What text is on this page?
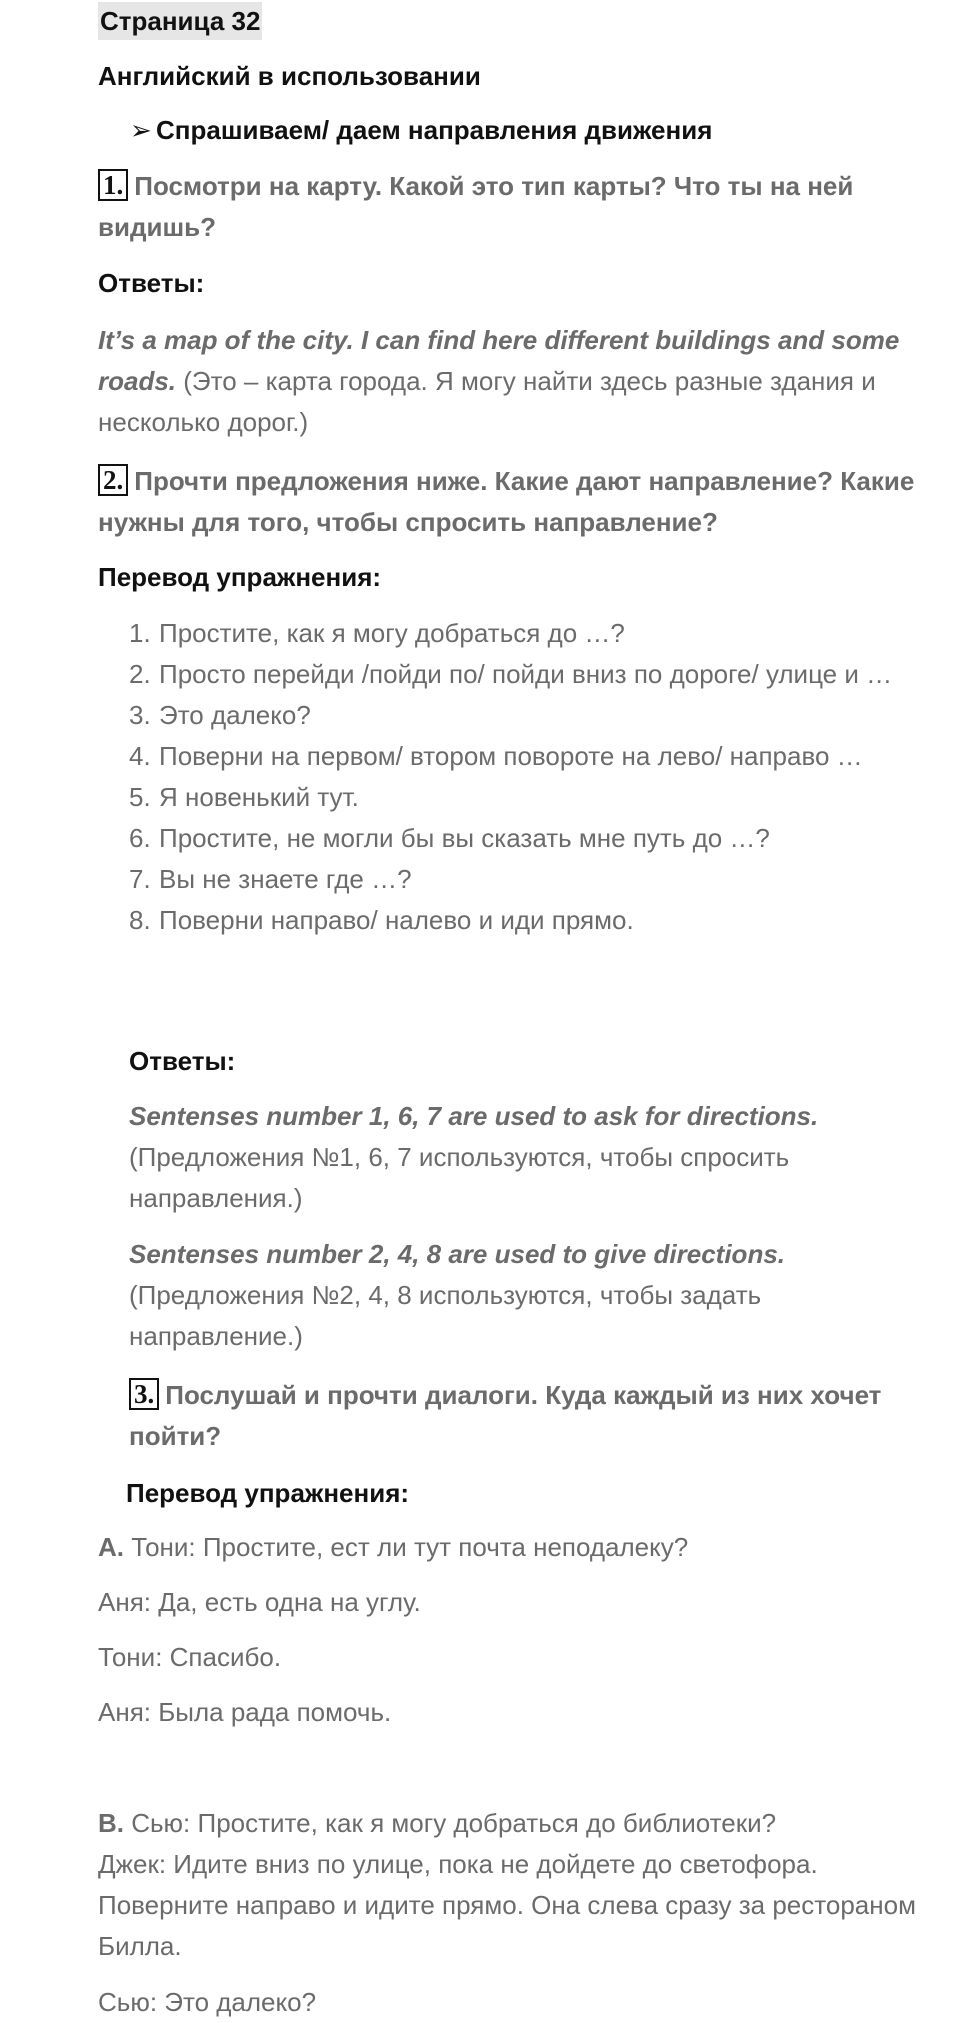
Страница 32
Английский в использовании
➢ Спрашиваем/ даем направления движения
1. Посмотри на карту. Какой это тип карты? Что ты на ней видишь?
Ответы:
It’s a map of the city. I can find here different buildings and some roads. (Это – карта города. Я могу найти здесь разные здания и несколько дорог.)
2. Прочти предложения ниже. Какие дают направление? Какие нужны для того, чтобы спросить направление?
Перевод упражнения:
1. Простите, как я могу добраться до …?
2. Просто перейди /пойди по/ пойди вниз по дороге/ улице и …
3. Это далеко?
4. Поверни на первом/ втором повороте на лево/ направо …
5. Я новенький тут.
6. Простите, не могли бы вы сказать мне путь до …?
7. Вы не знаете где …?
8. Поверни направо/ налево и иди прямо.
Ответы:
Sentenses number 1, 6, 7 are used to ask for directions.
(Предложения №1, 6, 7 используются, чтобы спросить направления.)
Sentenses number 2, 4, 8 are used to give directions.
(Предложения №2, 4, 8 используются, чтобы задать направление.)
3. Послушай и прочти диалоги. Куда каждый из них хочет пойти?
Перевод упражнения:
A. Тони: Простите, ест ли тут почта неподалеку?
Аня: Да, есть одна на углу.
Тони: Спасибо.
Аня: Была рада помочь.
B. Сью: Простите, как я могу добраться до библиотеки?
Джек: Идите вниз по улице, пока не дойдете до светофора. Поверните направо и идите прямо. Она слева сразу за рестораном Билла.
Сью: Это далеко?
